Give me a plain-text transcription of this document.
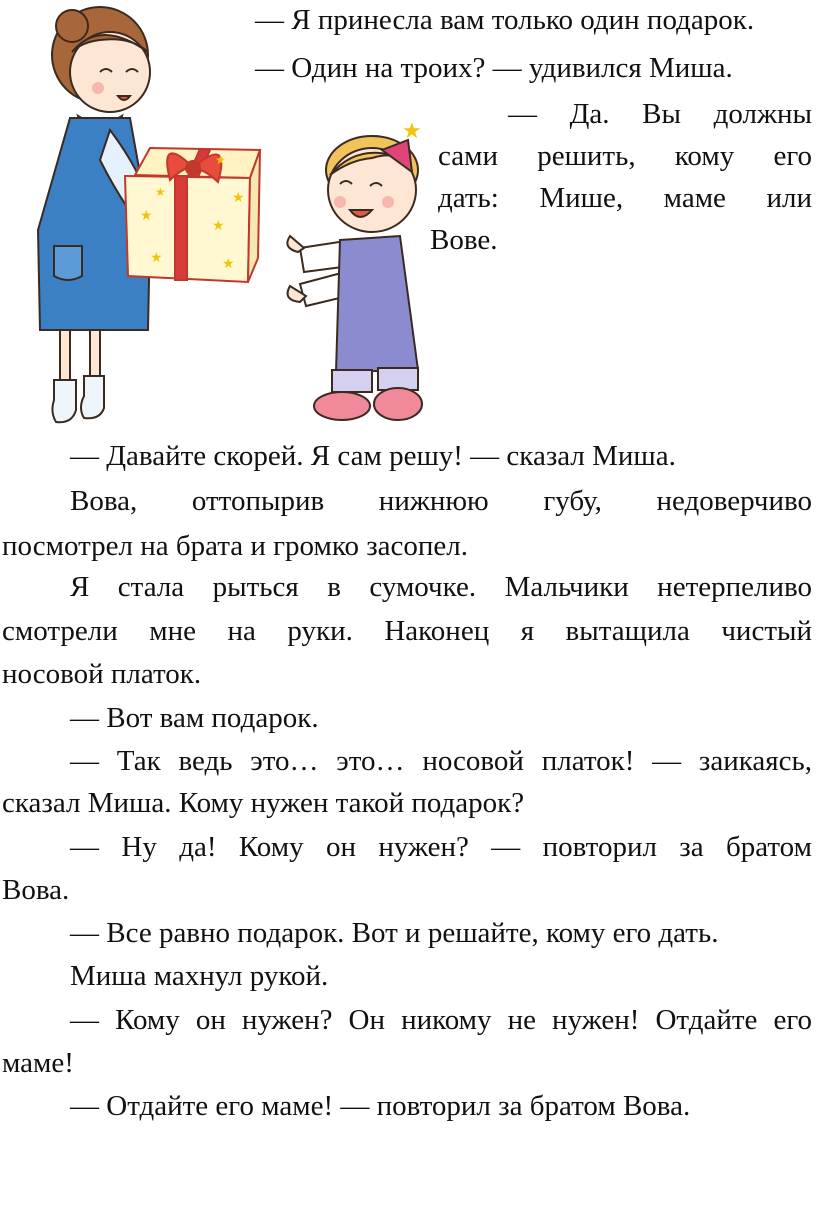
★
★
★	★
★
★
★
★
— Я принесла вам только один подарок.
— Один на троих? — удивился Миша.
— Да. Вы должны
сами решить, кому его
дать: Мише, маме или
Вове.
— Давайте скорей. Я сам решу! — сказал Миша.
Вова, оттопырив нижнюю губу, недоверчиво
посмотрел на брата и громко засопел.
Я стала рыться в сумочке. Мальчики нетерпеливо
смотрели мне на руки. Наконец я вытащила чистый
носовой платок.
— Вот вам подарок.
— Так ведь это… это… носовой платок! — заикаясь,
сказал Миша. Кому нужен такой подарок?
— Ну да! Кому он нужен? — повторил за братом
Вова.
— Все равно подарок. Вот и решайте, кому его дать.
Миша махнул рукой.
— Кому он нужен? Он никому не нужен! Отдайте его
маме!
— Отдайте его маме! — повторил за братом Вова.
